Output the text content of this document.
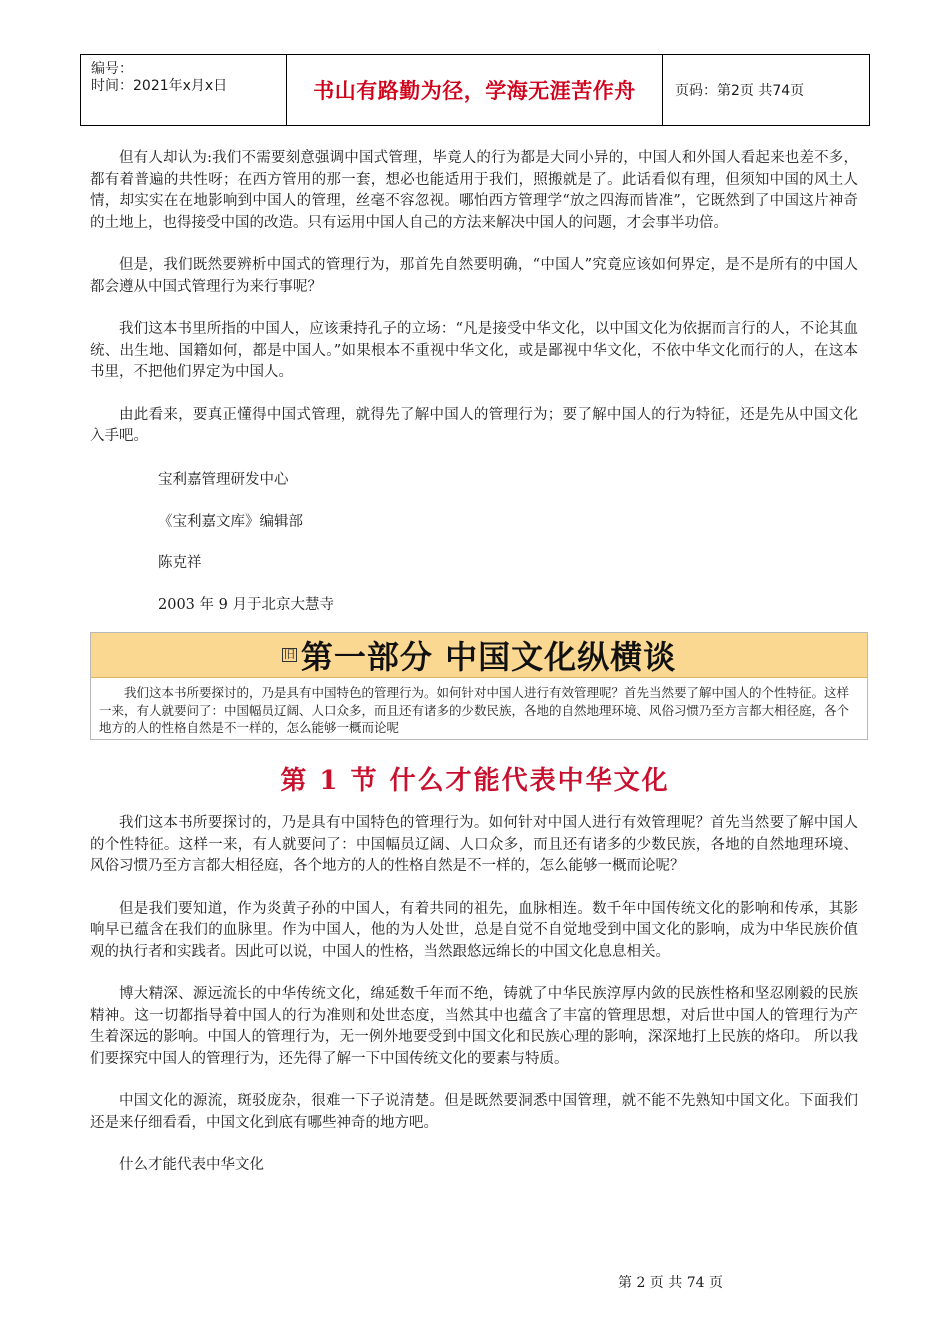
编号：
时间：2021年x月x日	书山有路勤为径，学海无涯苦作舟	页码：第2页 共74页

但有人却认为:我们不需要刻意强调中国式管理，毕竟人的行为都是大同小异的，中国人和外国人看起来也差不多，都有着普遍的共性呀；在西方管用的那一套，想必也能适用于我们，照搬就是了。此话看似有理，但须知中国的风土人情，却实实在在地影响到中国人的管理，丝毫不容忽视。哪怕西方管理学“放之四海而皆准”，它既然到了中国这片神奇的土地上，也得接受中国的改造。只有运用中国人自己的方法来解决中国人的问题，才会事半功倍。

但是，我们既然要辨析中国式的管理行为，那首先自然要明确，“中国人”究竟应该如何界定，是不是所有的中国人都会遵从中国式管理行为来行事呢？

我们这本书里所指的中国人，应该秉持孔子的立场：“凡是接受中华文化，以中国文化为依据而言行的人，不论其血统、出生地、国籍如何，都是中国人。”如果根本不重视中华文化，或是鄙视中华文化，不依中华文化而行的人，在这本书里，不把他们界定为中国人。

由此看来，要真正懂得中国式管理，就得先了解中国人的管理行为；要了解中国人的行为特征，还是先从中国文化入手吧。

宝利嘉管理研发中心
《宝利嘉文库》编辑部
陈克祥
2003 年 9 月于北京大慧寺
旧 第一部分 中国文化纵横谈
我们这本书所要探讨的，乃是具有中国特色的管理行为。如何针对中国人进行有效管理呢？首先当然要了解中国人的个性特征。这样一来，有人就要问了：中国幅员辽阔、人口众多，而且还有诸多的少数民族，各地的自然地理环境、风俗习惯乃至方言都大相径庭，各个地方的人的性格自然是不一样的，怎么能够一概而论呢
第 1 节 什么才能代表中华文化

我们这本书所要探讨的，乃是具有中国特色的管理行为。如何针对中国人进行有效管理呢？首先当然要了解中国人的个性特征。这样一来，有人就要问了：中国幅员辽阔、人口众多，而且还有诸多的少数民族，各地的自然地理环境、风俗习惯乃至方言都大相径庭，各个地方的人的性格自然是不一样的，怎么能够一概而论呢？

但是我们要知道，作为炎黄子孙的中国人，有着共同的祖先，血脉相连。数千年中国传统文化的影响和传承，其影响早已蕴含在我们的血脉里。作为中国人，他的为人处世，总是自觉不自觉地受到中国文化的影响，成为中华民族价值观的执行者和实践者。因此可以说，中国人的性格，当然跟悠远绵长的中国文化息息相关。

博大精深、源远流长的中华传统文化，绵延数千年而不绝，铸就了中华民族淳厚内敛的民族性格和坚忍刚毅的民族精神。这一切都指导着中国人的行为准则和处世态度，当然其中也蕴含了丰富的管理思想，对后世中国人的管理行为产生着深远的影响。中国人的管理行为，无一例外地要受到中国文化和民族心理的影响，深深地打上民族的烙印。 所以我们要探究中国人的管理行为，还先得了解一下中国传统文化的要素与特质。

中国文化的源流，斑驳庞杂，很难一下子说清楚。但是既然要洞悉中国管理，就不能不先熟知中国文化。下面我们还是来仔细看看，中国文化到底有哪些神奇的地方吧。

什么才能代表中华文化

第 2 页 共 74 页
